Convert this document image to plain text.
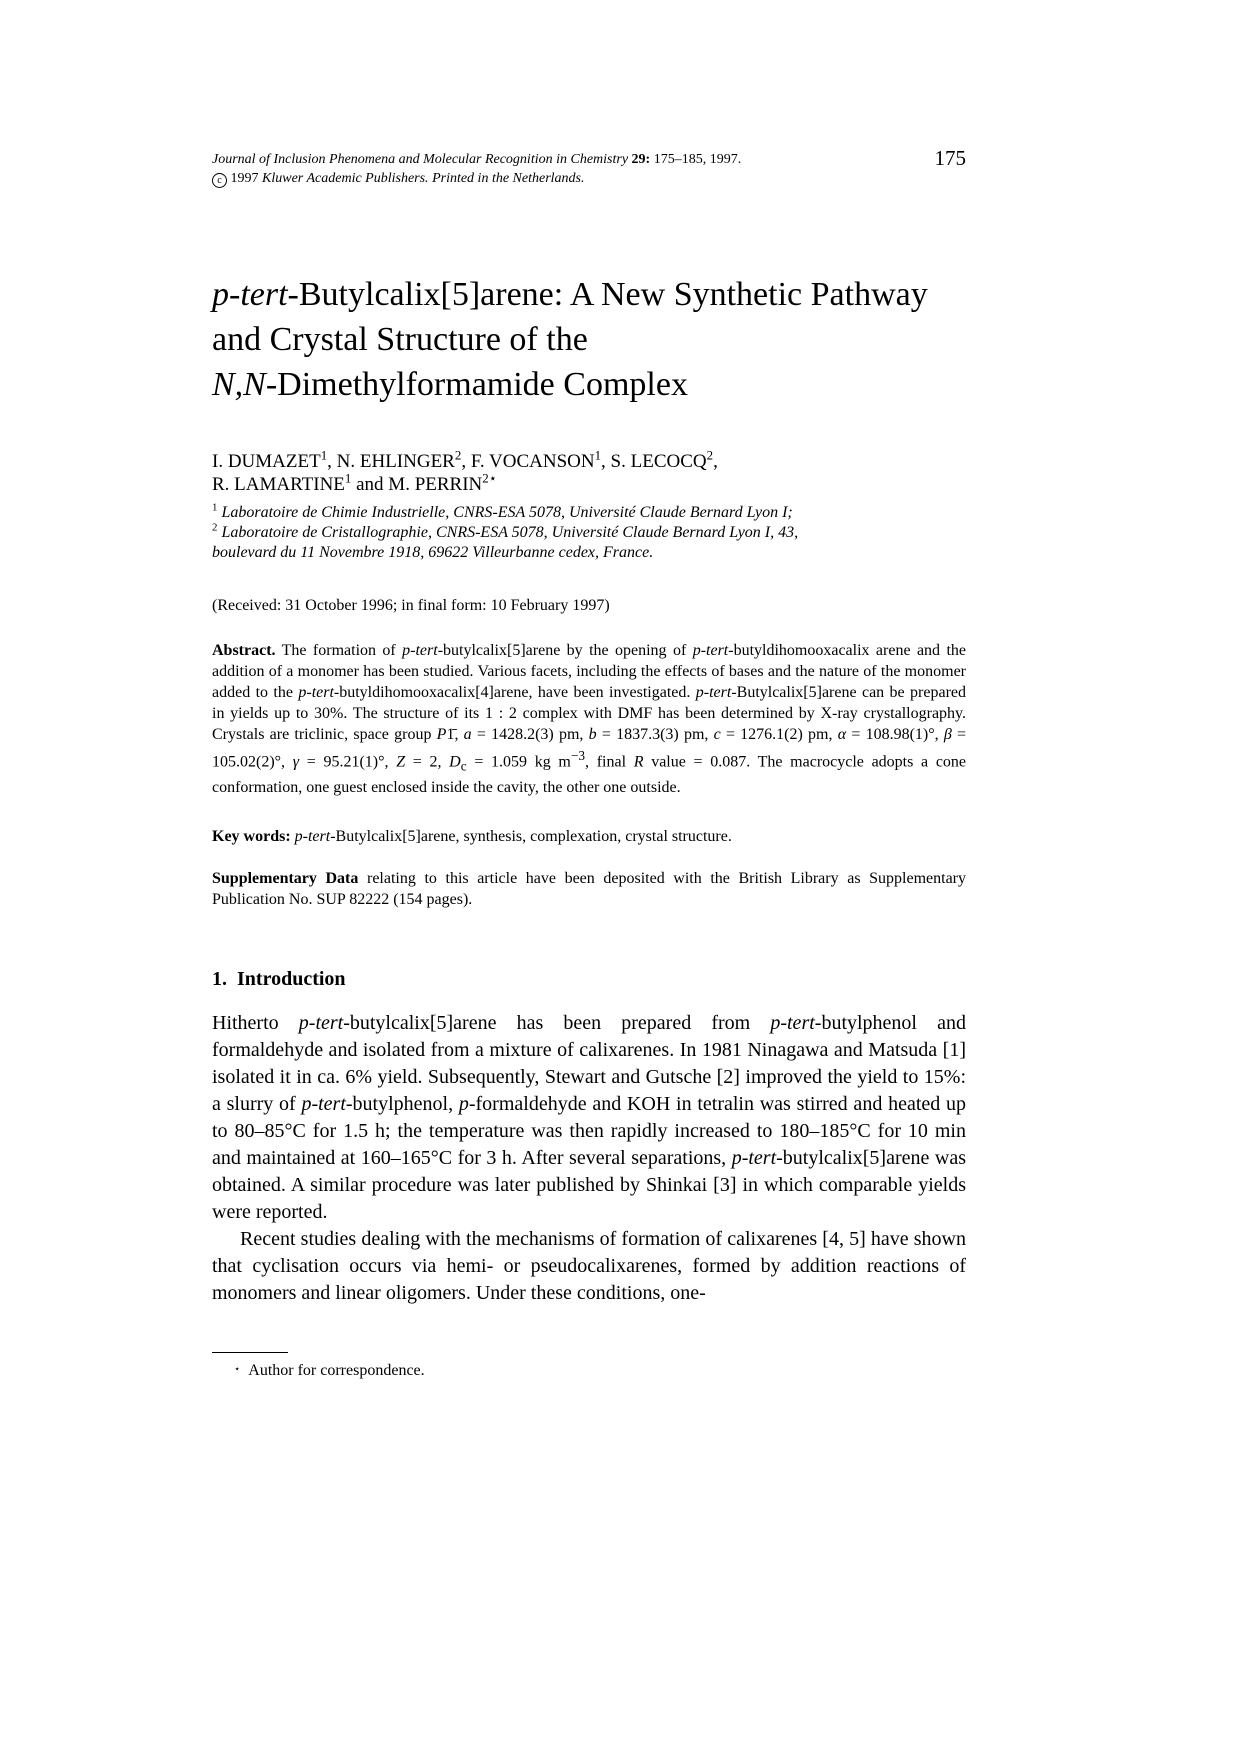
Journal of Inclusion Phenomena and Molecular Recognition in Chemistry 29: 175–185, 1997.
c 1997 Kluwer Academic Publishers. Printed in the Netherlands.
175
p-tert-Butylcalix[5]arene: A New Synthetic Pathway
and Crystal Structure of the
N,N-Dimethylformamide Complex
I. DUMAZET$^1$, N. EHLINGER$^2$, F. VOCANSON$^1$, S. LECOCQ$^2$,
R. LAMARTINE$^1$ and M. $PERRIN^{2⋆}$
$^1$ Laboratoire de Chimie Industrielle, CNRS-ESA 5078, Université Claude Bernard Lyon I;
$^2$ Laboratoire de Cristallographie, CNRS-ESA 5078, Université Claude Bernard Lyon I, 43,
boulevard du 11 Novembre 1918, 69622 Villeurbanne cedex, France.
(Received: 31 October 1996; in final form: 10 February 1997)
Abstract. The formation of p-tert-butylcalix[5]arene by the opening of p-tert-butyldihomooxacalix arene and the addition of a monomer has been studied. Various facets, including the effects of bases and the nature of the monomer added to the p-tert-butyldihomooxacalix[4]arene, have been investigated. p-tert-Butylcalix[5]arene can be prepared in yields up to 30%. The structure of its 1 : 2 complex with DMF has been determined by X-ray crystallography. Crystals are triclinic, space group P1̄, a = 1428.2(3) pm, b = 1837.3(3) pm, c = 1276.1(2) pm, α = 108.98(1)°, β = 105.02(2)°, γ = 95.21(1)°, Z = 2, $D_c = 1.059$ kg $m^{-3}$, final R value = 0.087. The macrocycle adopts a cone conformation, one guest enclosed inside the cavity, the other one outside.
Key words: p-tert-Butylcalix[5]arene, synthesis, complexation, crystal structure.
Supplementary Data relating to this article have been deposited with the British Library as Supplementary Publication No. SUP 82222 (154 pages).
1. Introduction

Hitherto p-tert-butylcalix[5]arene has been prepared from p-tert-butylphenol and formaldehyde and isolated from a mixture of calixarenes. In 1981 Ninagawa and Matsuda [1] isolated it in ca. 6% yield. Subsequently, Stewart and Gutsche [2] improved the yield to 15%: a slurry of p-tert-butylphenol, p-formaldehyde and KOH in tetralin was stirred and heated up to 80–85°C for 1.5 h; the temperature was then rapidly increased to 180–185°C for 10 min and maintained at 160–165°C for 3 h. After several separations, p-tert-butylcalix[5]arene was obtained. A similar procedure was later published by Shinkai [3] in which comparable yields were reported.

Recent studies dealing with the mechanisms of formation of calixarenes [4, 5] have shown that cyclisation occurs via hemi- or pseudocalixarenes, formed by addition reactions of monomers and linear oligomers. Under these conditions, one-

⋆ Author for correspondence.
